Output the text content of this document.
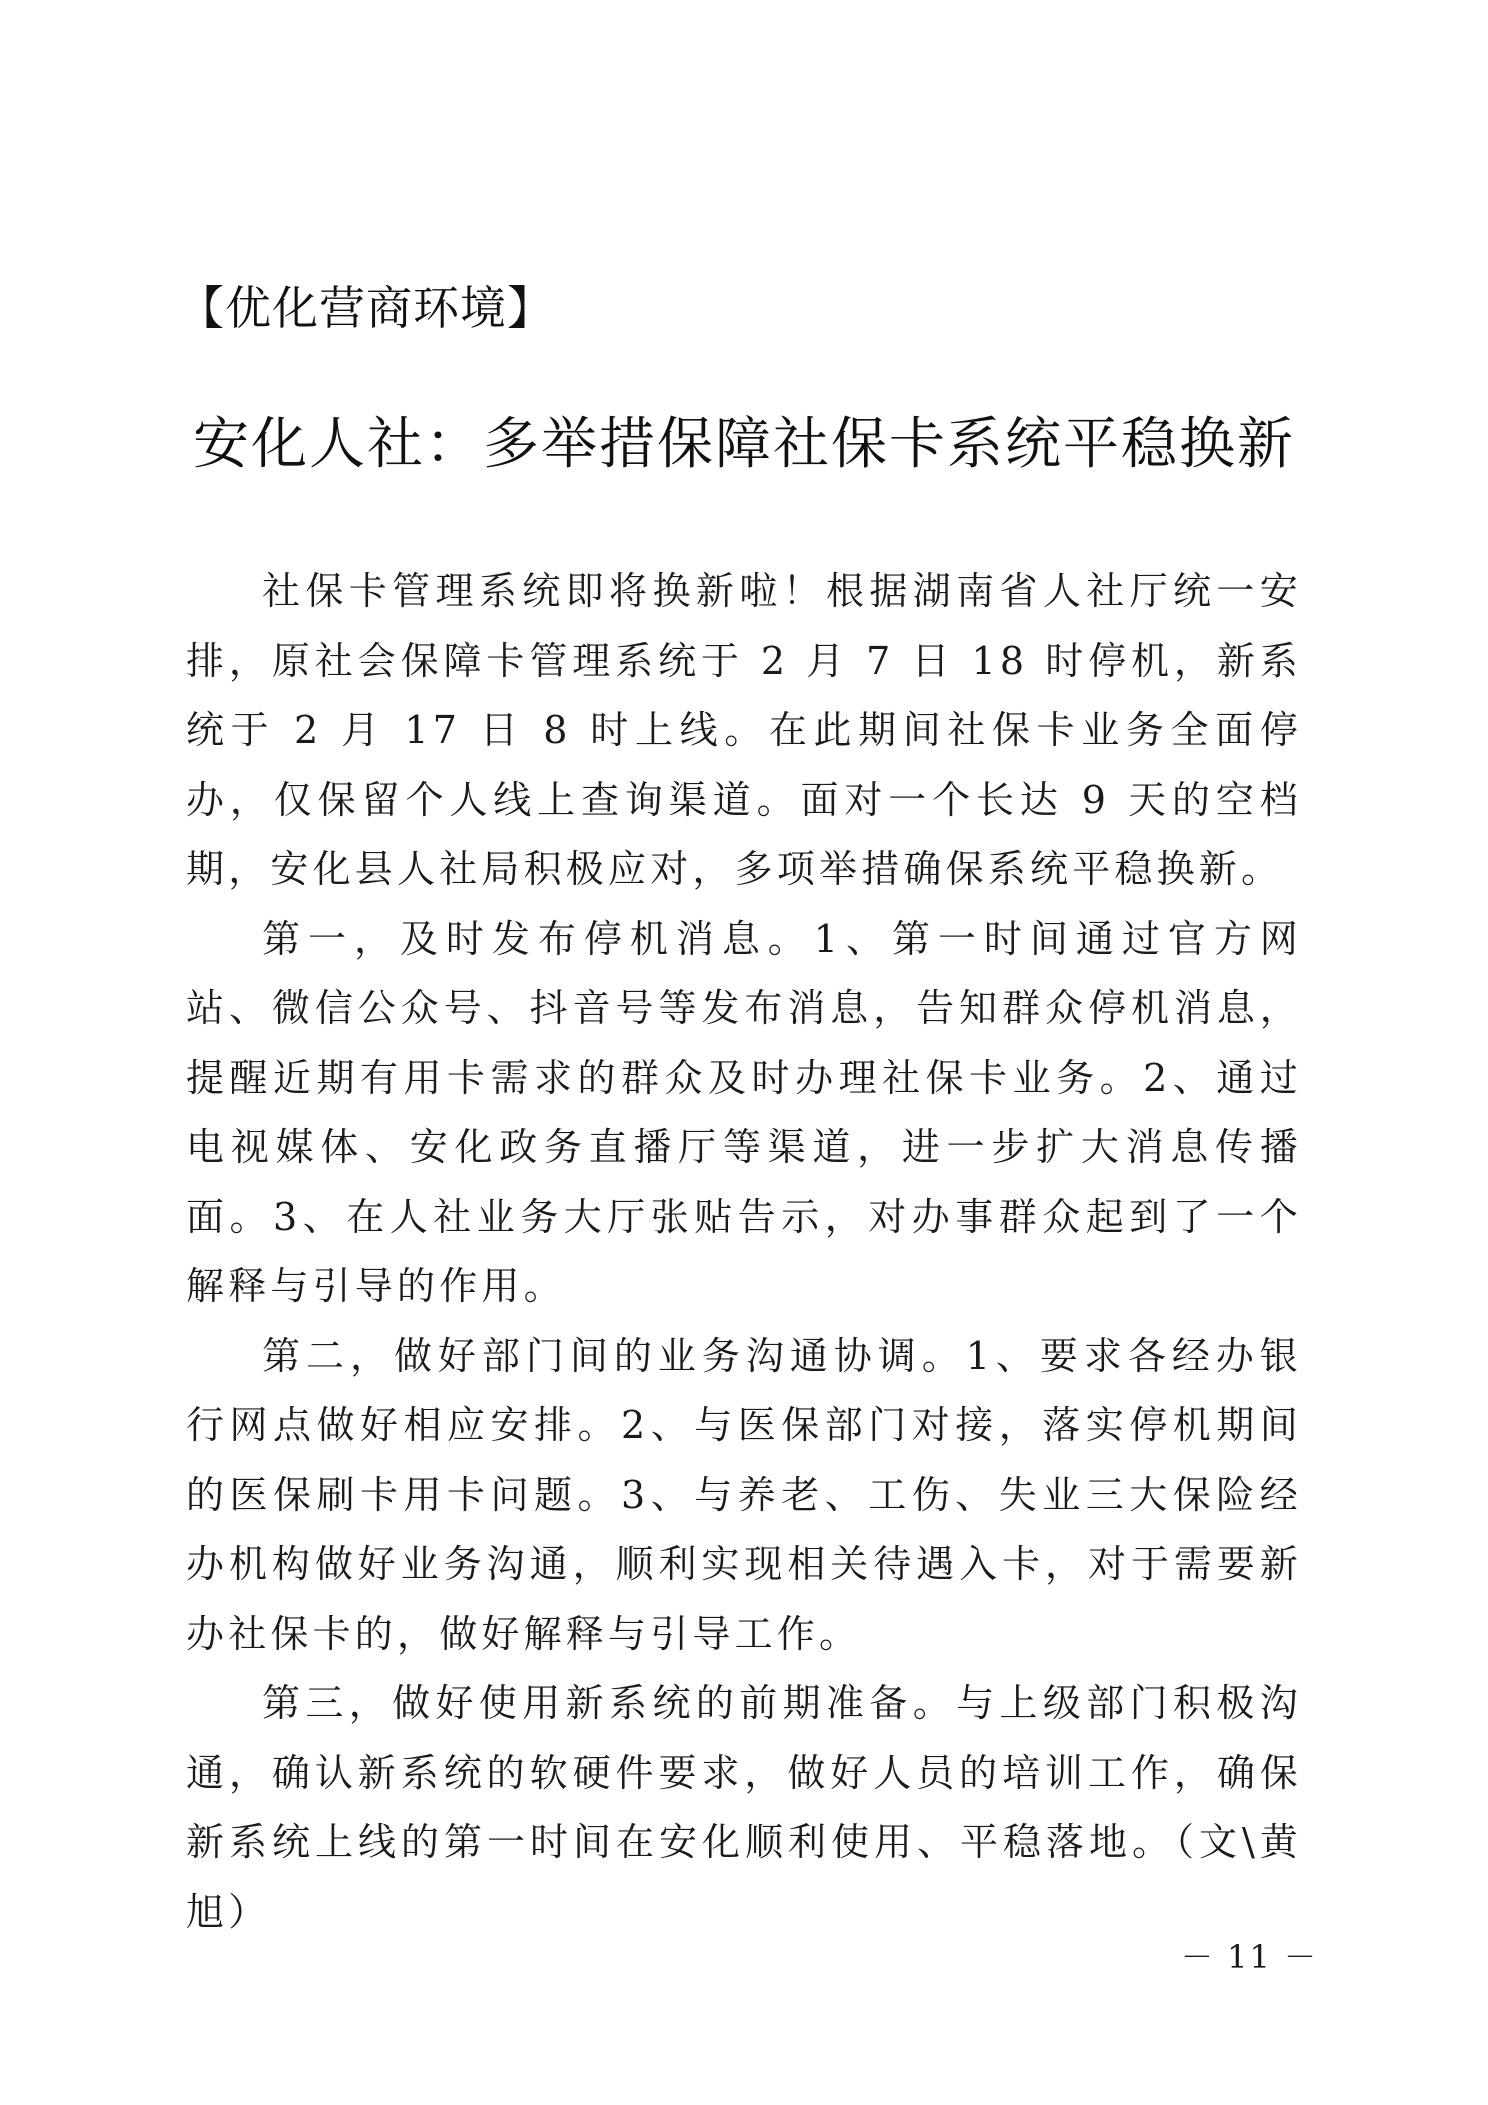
【优化营商环境】
安化人社：多举措保障社保卡系统平稳换新

社保卡管理系统即将换新啦！根据湖南省人社厅统一安排，原社会保障卡管理系统于 2 月 7 日 18 时停机，新系统于 2 月 17 日 8 时上线。在此期间社保卡业务全面停办，仅保留个人线上查询渠道。面对一个长达 9 天的空档期，安化县人社局积极应对，多项举措确保系统平稳换新。

第一，及时发布停机消息。1、第一时间通过官方网站、微信公众号、抖音号等发布消息，告知群众停机消息，提醒近期有用卡需求的群众及时办理社保卡业务。2、通过电视媒体、安化政务直播厅等渠道，进一步扩大消息传播面。3、在人社业务大厅张贴告示，对办事群众起到了一个解释与引导的作用。

第二，做好部门间的业务沟通协调。1、要求各经办银行网点做好相应安排。2、与医保部门对接，落实停机期间的医保刷卡用卡问题。3、与养老、工伤、失业三大保险经办机构做好业务沟通，顺利实现相关待遇入卡，对于需要新办社保卡的，做好解释与引导工作。

第三，做好使用新系统的前期准备。与上级部门积极沟通，确认新系统的软硬件要求，做好人员的培训工作，确保新系统上线的第一时间在安化顺利使用、平稳落地。（文\黄旭）

－ 11 －
